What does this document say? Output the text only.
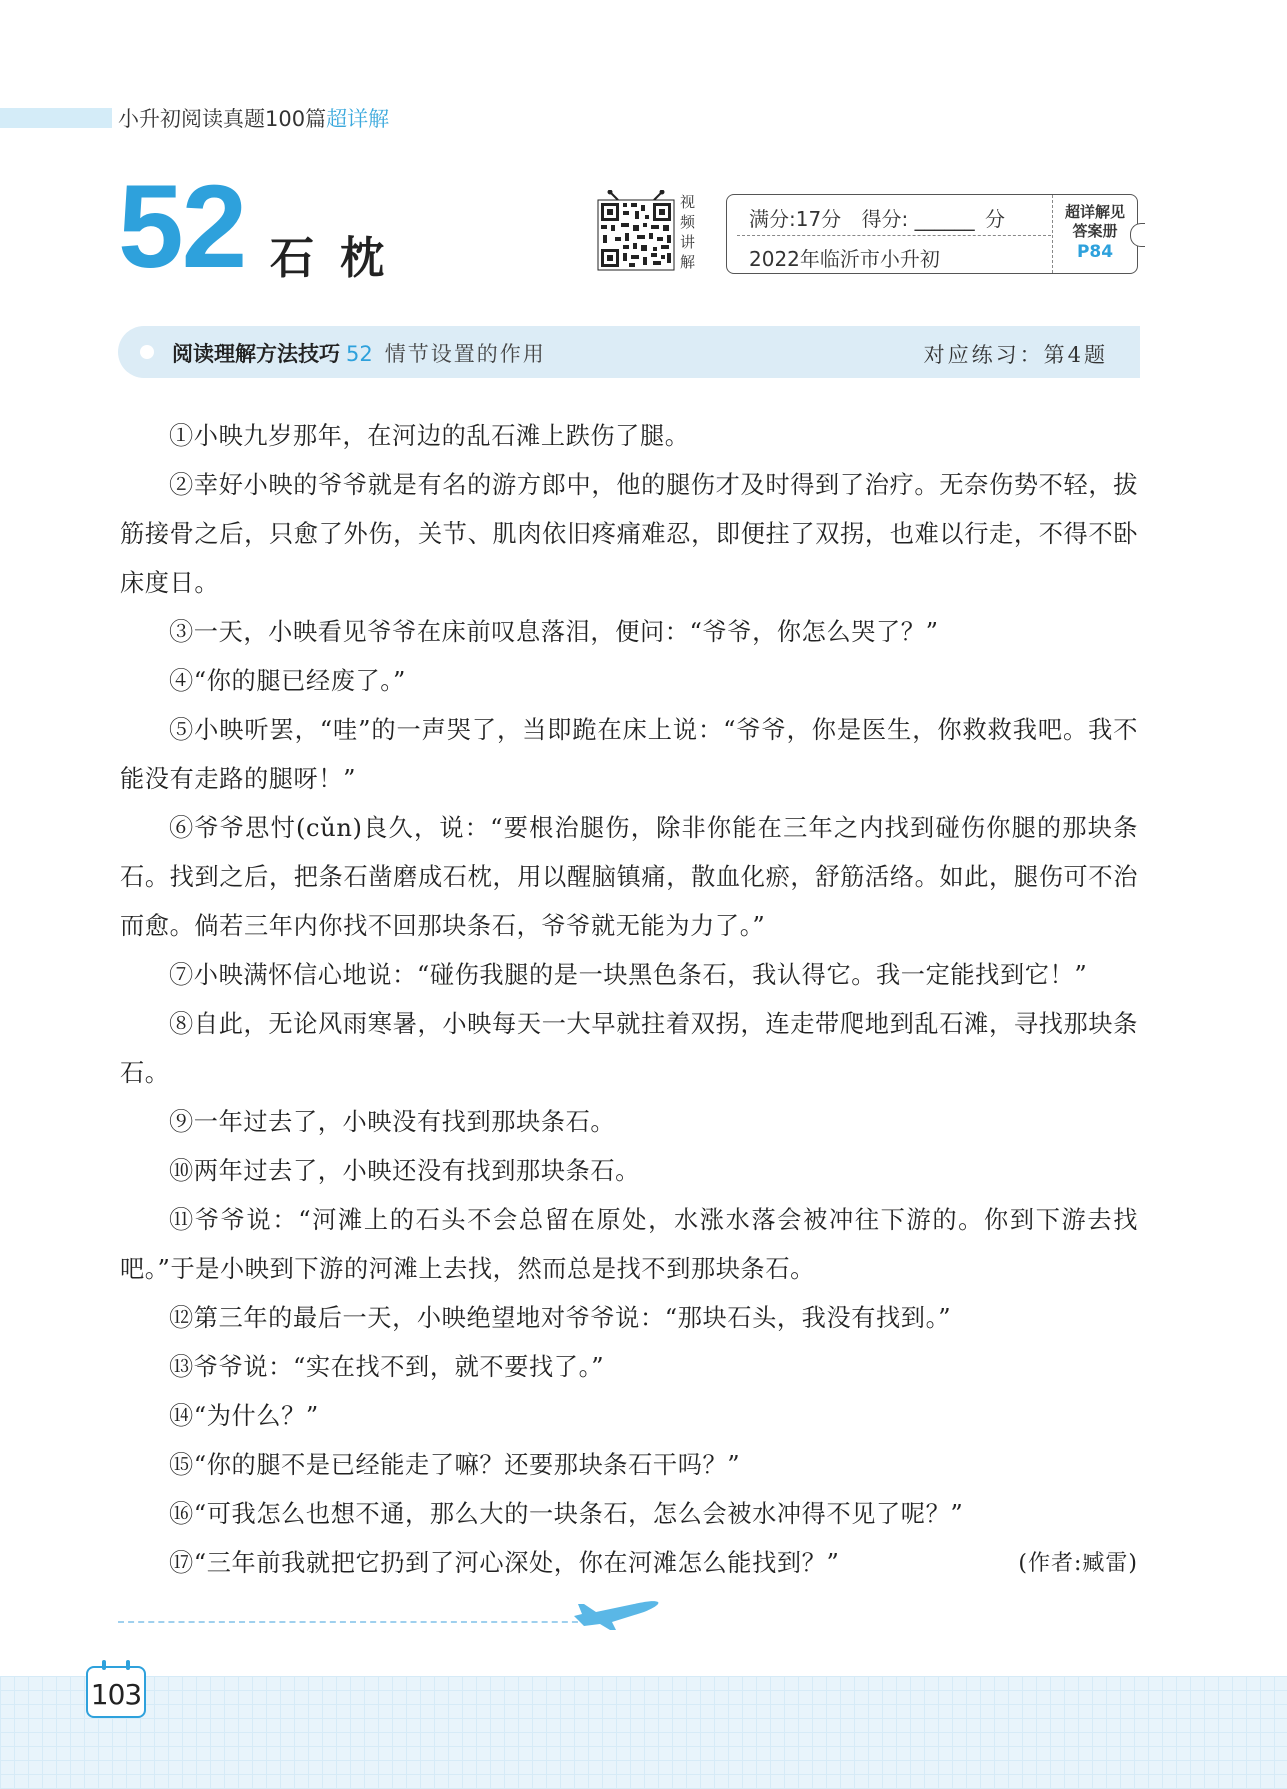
小升初阅读真题100篇超详解
52 石枕
视
频
讲
解
满分:17分 得分: ______ 分
2022年临沂市小升初
超详解见
答案册
P84
阅读理解方法技巧 52 情节设置的作用	对应练习：第4题

①小映九岁那年，在河边的乱石滩上跌伤了腿。

②幸好小映的爷爷就是有名的游方郎中，他的腿伤才及时得到了治疗。无奈伤势不轻，拔筋接骨之后，只愈了外伤，关节、肌肉依旧疼痛难忍，即便拄了双拐，也难以行走，不得不卧床度日。

③一天，小映看见爷爷在床前叹息落泪，便问：“爷爷，你怎么哭了？”

④“你的腿已经废了。”

⑤小映听罢，“哇”的一声哭了，当即跪在床上说：“爷爷，你是医生，你救救我吧。我不能没有走路的腿呀！”

⑥爷爷思忖(cǔn)良久，说：“要根治腿伤，除非你能在三年之内找到碰伤你腿的那块条石。找到之后，把条石凿磨成石枕，用以醒脑镇痛，散血化瘀，舒筋活络。如此，腿伤可不治而愈。倘若三年内你找不回那块条石，爷爷就无能为力了。”

⑦小映满怀信心地说：“碰伤我腿的是一块黑色条石，我认得它。我一定能找到它！”

⑧自此，无论风雨寒暑，小映每天一大早就拄着双拐，连走带爬地到乱石滩，寻找那块条石。

⑨一年过去了，小映没有找到那块条石。

⑩两年过去了，小映还没有找到那块条石。

⑪爷爷说：“河滩上的石头不会总留在原处，水涨水落会被冲往下游的。你到下游去找吧。”于是小映到下游的河滩上去找，然而总是找不到那块条石。

⑫第三年的最后一天，小映绝望地对爷爷说：“那块石头，我没有找到。”

⑬爷爷说：“实在找不到，就不要找了。”

⑭“为什么？”

⑮“你的腿不是已经能走了嘛？还要那块条石干吗？”

⑯“可我怎么也想不通，那么大的一块条石，怎么会被水冲得不见了呢？”

⑰“三年前我就把它扔到了河心深处，你在河滩怎么能找到？”	(作者:臧雷)
103
